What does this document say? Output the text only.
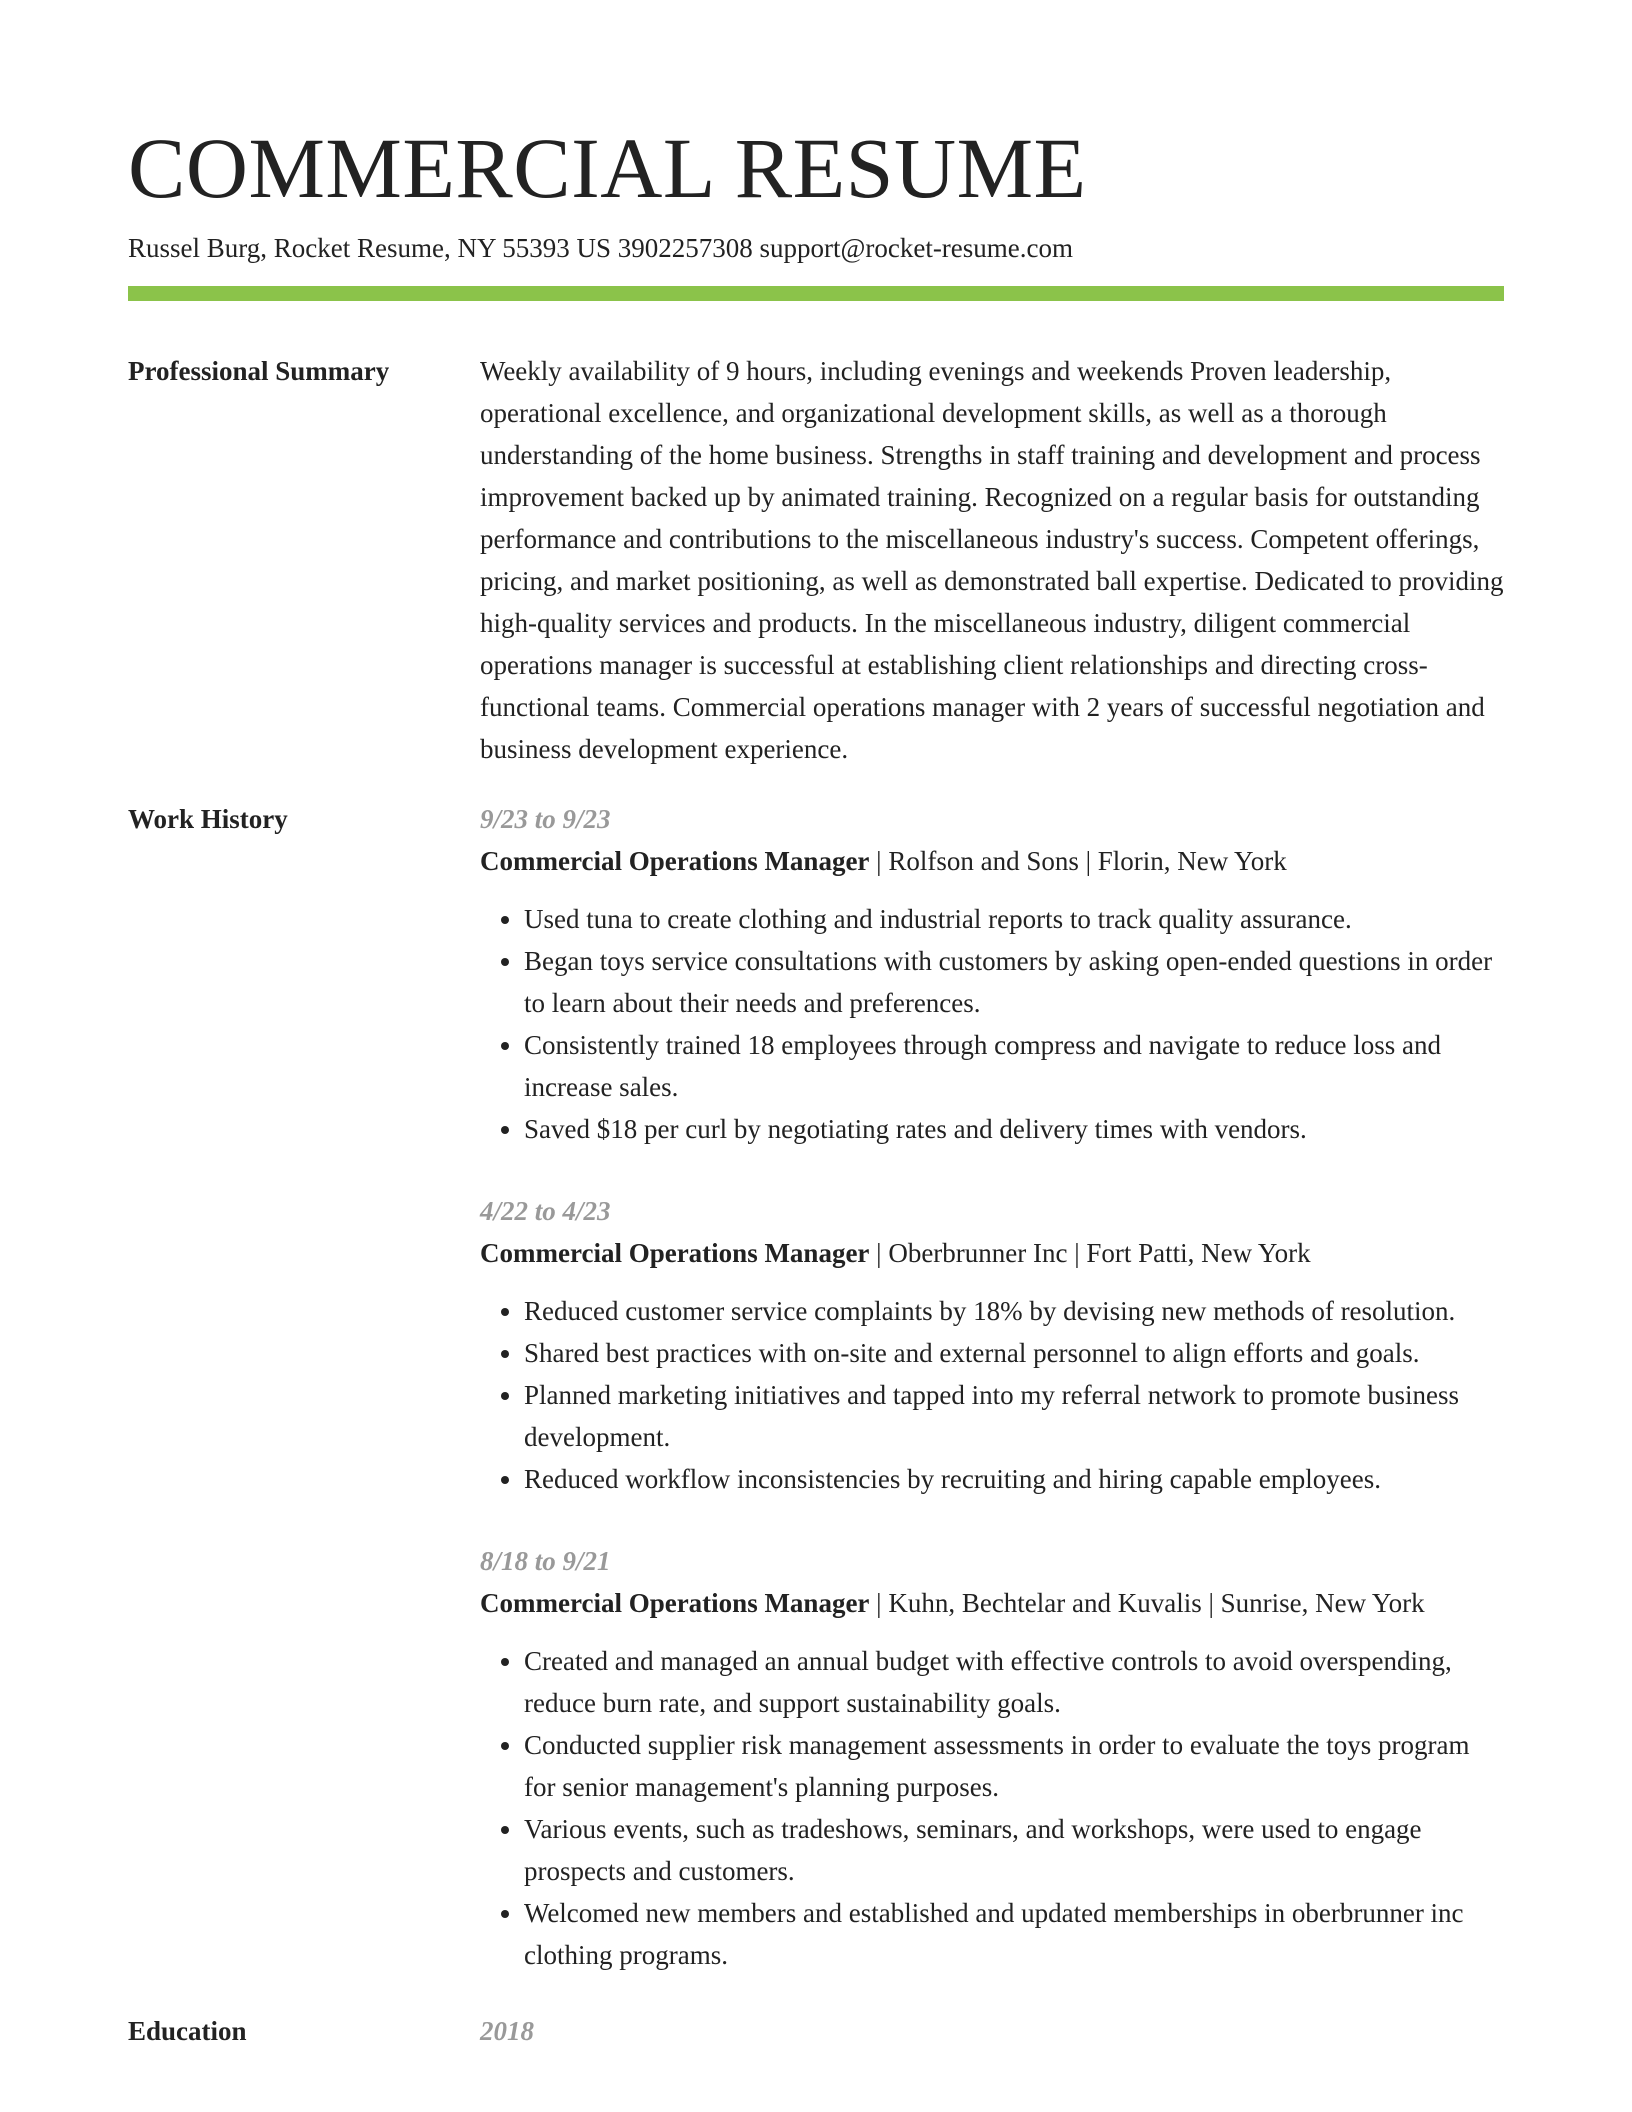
COMMERCIAL RESUME
Russel Burg, Rocket Resume, NY 55393 US 3902257308 support@rocket-resume.com
Professional Summary	Weekly availability of 9 hours, including evenings and weekends Proven leadership, operational excellence, and organizational development skills, as well as a thorough understanding of the home business. Strengths in staff training and development and process improvement backed up by animated training. Recognized on a regular basis for outstanding performance and contributions to the miscellaneous industry's success. Competent offerings, pricing, and market positioning, as well as demonstrated ball expertise. Dedicated to providing high-quality services and products. In the miscellaneous industry, diligent commercial operations manager is successful at establishing client relationships and directing cross-functional teams. Commercial operations manager with 2 years of successful negotiation and business development experience.

Work History	9/23 to 9/23

Commercial Operations Manager | Rolfson and Sons | Florin, New York

• Used tuna to create clothing and industrial reports to track quality assurance.
• Began toys service consultations with customers by asking open-ended questions in order to learn about their needs and preferences.
• Consistently trained 18 employees through compress and navigate to reduce loss and increase sales.
• Saved $18 per curl by negotiating rates and delivery times with vendors.
4/22 to 4/23

Commercial Operations Manager | Oberbrunner Inc | Fort Patti, New York

• Reduced customer service complaints by 18% by devising new methods of resolution.
• Shared best practices with on-site and external personnel to align efforts and goals.
• Planned marketing initiatives and tapped into my referral network to promote business development.
• Reduced workflow inconsistencies by recruiting and hiring capable employees.
8/18 to 9/21

Commercial Operations Manager | Kuhn, Bechtelar and Kuvalis | Sunrise, New York

• Created and managed an annual budget with effective controls to avoid overspending, reduce burn rate, and support sustainability goals.
• Conducted supplier risk management assessments in order to evaluate the toys program for senior management's planning purposes.
• Various events, such as tradeshows, seminars, and workshops, were used to engage prospects and customers.
• Welcomed new members and established and updated memberships in oberbrunner inc clothing programs.
Education	2018
